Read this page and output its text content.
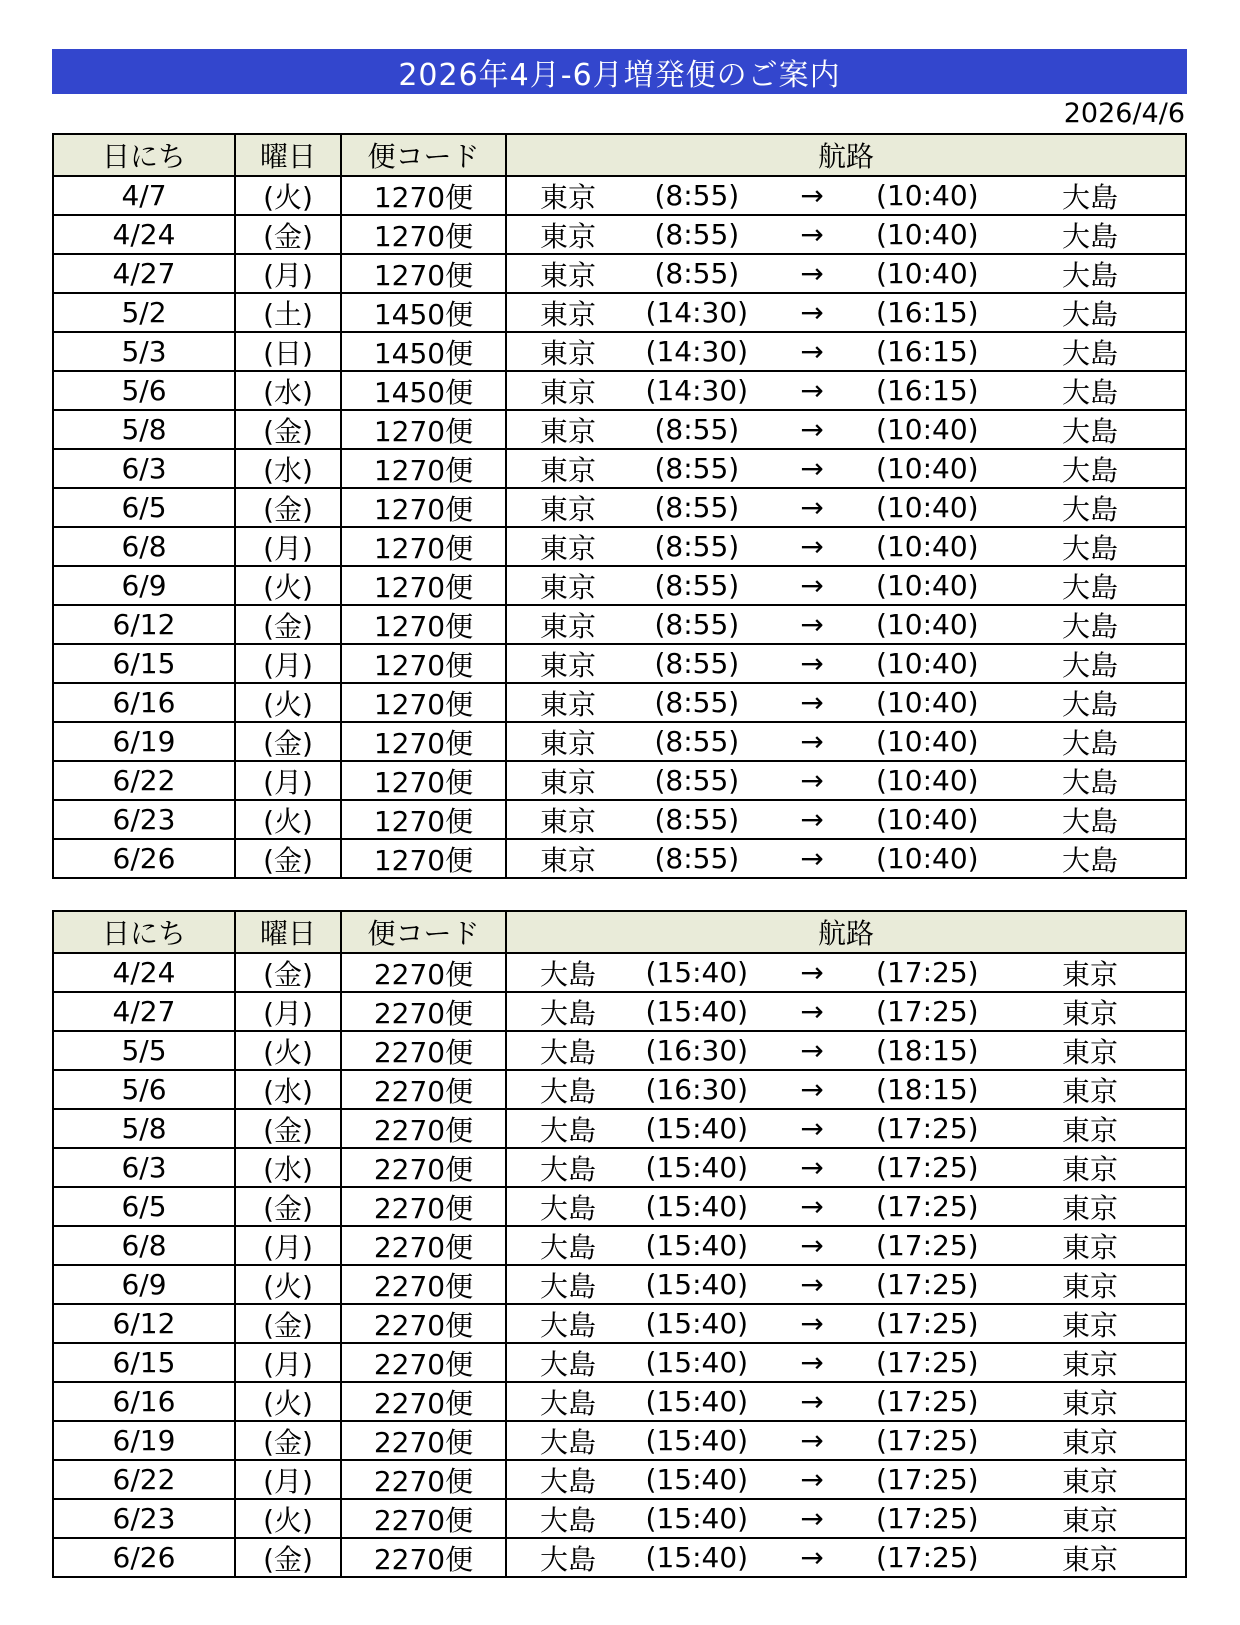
2026年4月-6月増発便のご案内
2026/4/6
日にち	曜日	便コード	航路
4/7	(火)	1270便	東京	(8:55)	→	(10:40)	大島
4/24	(金)	1270便	東京	(8:55)	→	(10:40)	大島
4/27	(月)	1270便	東京	(8:55)	→	(10:40)	大島
5/2	(土)	1450便	東京	(14:30)	→	(16:15)	大島
5/3	(日)	1450便	東京	(14:30)	→	(16:15)	大島
5/6	(水)	1450便	東京	(14:30)	→	(16:15)	大島
5/8	(金)	1270便	東京	(8:55)	→	(10:40)	大島
6/3	(水)	1270便	東京	(8:55)	→	(10:40)	大島
6/5	(金)	1270便	東京	(8:55)	→	(10:40)	大島
6/8	(月)	1270便	東京	(8:55)	→	(10:40)	大島
6/9	(火)	1270便	東京	(8:55)	→	(10:40)	大島
6/12	(金)	1270便	東京	(8:55)	→	(10:40)	大島
6/15	(月)	1270便	東京	(8:55)	→	(10:40)	大島
6/16	(火)	1270便	東京	(8:55)	→	(10:40)	大島
6/19	(金)	1270便	東京	(8:55)	→	(10:40)	大島
6/22	(月)	1270便	東京	(8:55)	→	(10:40)	大島
6/23	(火)	1270便	東京	(8:55)	→	(10:40)	大島
6/26	(金)	1270便	東京	(8:55)	→	(10:40)	大島
日にち	曜日	便コード	航路
4/24	(金)	2270便	大島	(15:40)	→	(17:25)	東京
4/27	(月)	2270便	大島	(15:40)	→	(17:25)	東京
5/5	(火)	2270便	大島	(16:30)	→	(18:15)	東京
5/6	(水)	2270便	大島	(16:30)	→	(18:15)	東京
5/8	(金)	2270便	大島	(15:40)	→	(17:25)	東京
6/3	(水)	2270便	大島	(15:40)	→	(17:25)	東京
6/5	(金)	2270便	大島	(15:40)	→	(17:25)	東京
6/8	(月)	2270便	大島	(15:40)	→	(17:25)	東京
6/9	(火)	2270便	大島	(15:40)	→	(17:25)	東京
6/12	(金)	2270便	大島	(15:40)	→	(17:25)	東京
6/15	(月)	2270便	大島	(15:40)	→	(17:25)	東京
6/16	(火)	2270便	大島	(15:40)	→	(17:25)	東京
6/19	(金)	2270便	大島	(15:40)	→	(17:25)	東京
6/22	(月)	2270便	大島	(15:40)	→	(17:25)	東京
6/23	(火)	2270便	大島	(15:40)	→	(17:25)	東京
6/26	(金)	2270便	大島	(15:40)	→	(17:25)	東京
